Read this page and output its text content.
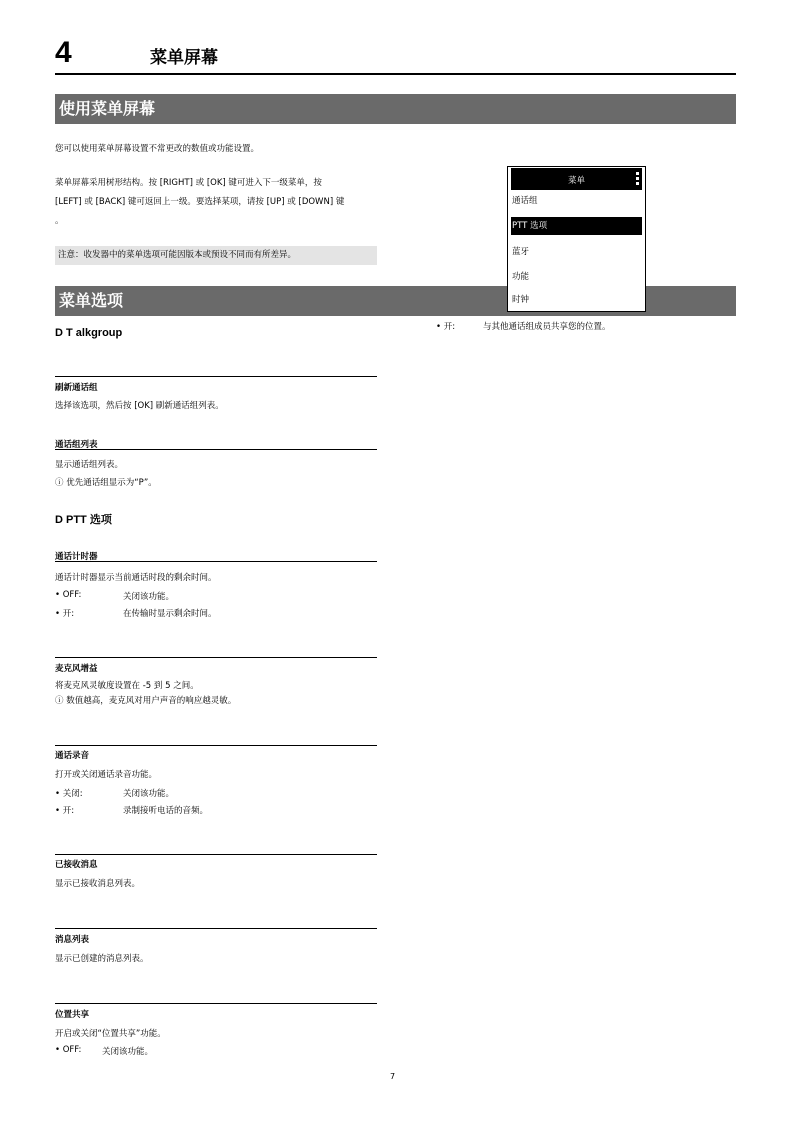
4	菜单屏幕
使用菜单屏幕
您可以使用菜单屏幕设置不常更改的数值或功能设置。
菜单屏幕采用树形结构。按 [RIGHT] 或 [OK] 键可进入下一级菜单，按
[LEFT] 或 [BACK] 键可返回上一级。要选择某项，请按 [UP] 或 [DOWN] 键
。
注意：收发器中的菜单选项可能因版本或预设不同而有所差异。
菜单选项
菜单
通话组
PTT 选项
蓝牙
功能
时钟
• 开:	与其他通话组成员共享您的位置。
D T alkgroup
刷新通话组
选择该选项，然后按 [OK] 刷新通话组列表。
通话组列表
显示通话组列表。
ⓘ 优先通话组显示为“P”。
D PTT 选项
通话计时器
通话计时器显示当前通话时段的剩余时间。
• OFF:	关闭该功能。
• 开:	在传输时显示剩余时间。
麦克风增益
将麦克风灵敏度设置在 -5 到 5 之间。
ⓘ 数值越高，麦克风对用户声音的响应越灵敏。
通话录音
打开或关闭通话录音功能。
• 关闭:	关闭该功能。
• 开:	录制接听电话的音频。
已接收消息
显示已接收消息列表。
消息列表
显示已创建的消息列表。
位置共享
开启或关闭“位置共享”功能。
• OFF: 关闭该功能。
7
